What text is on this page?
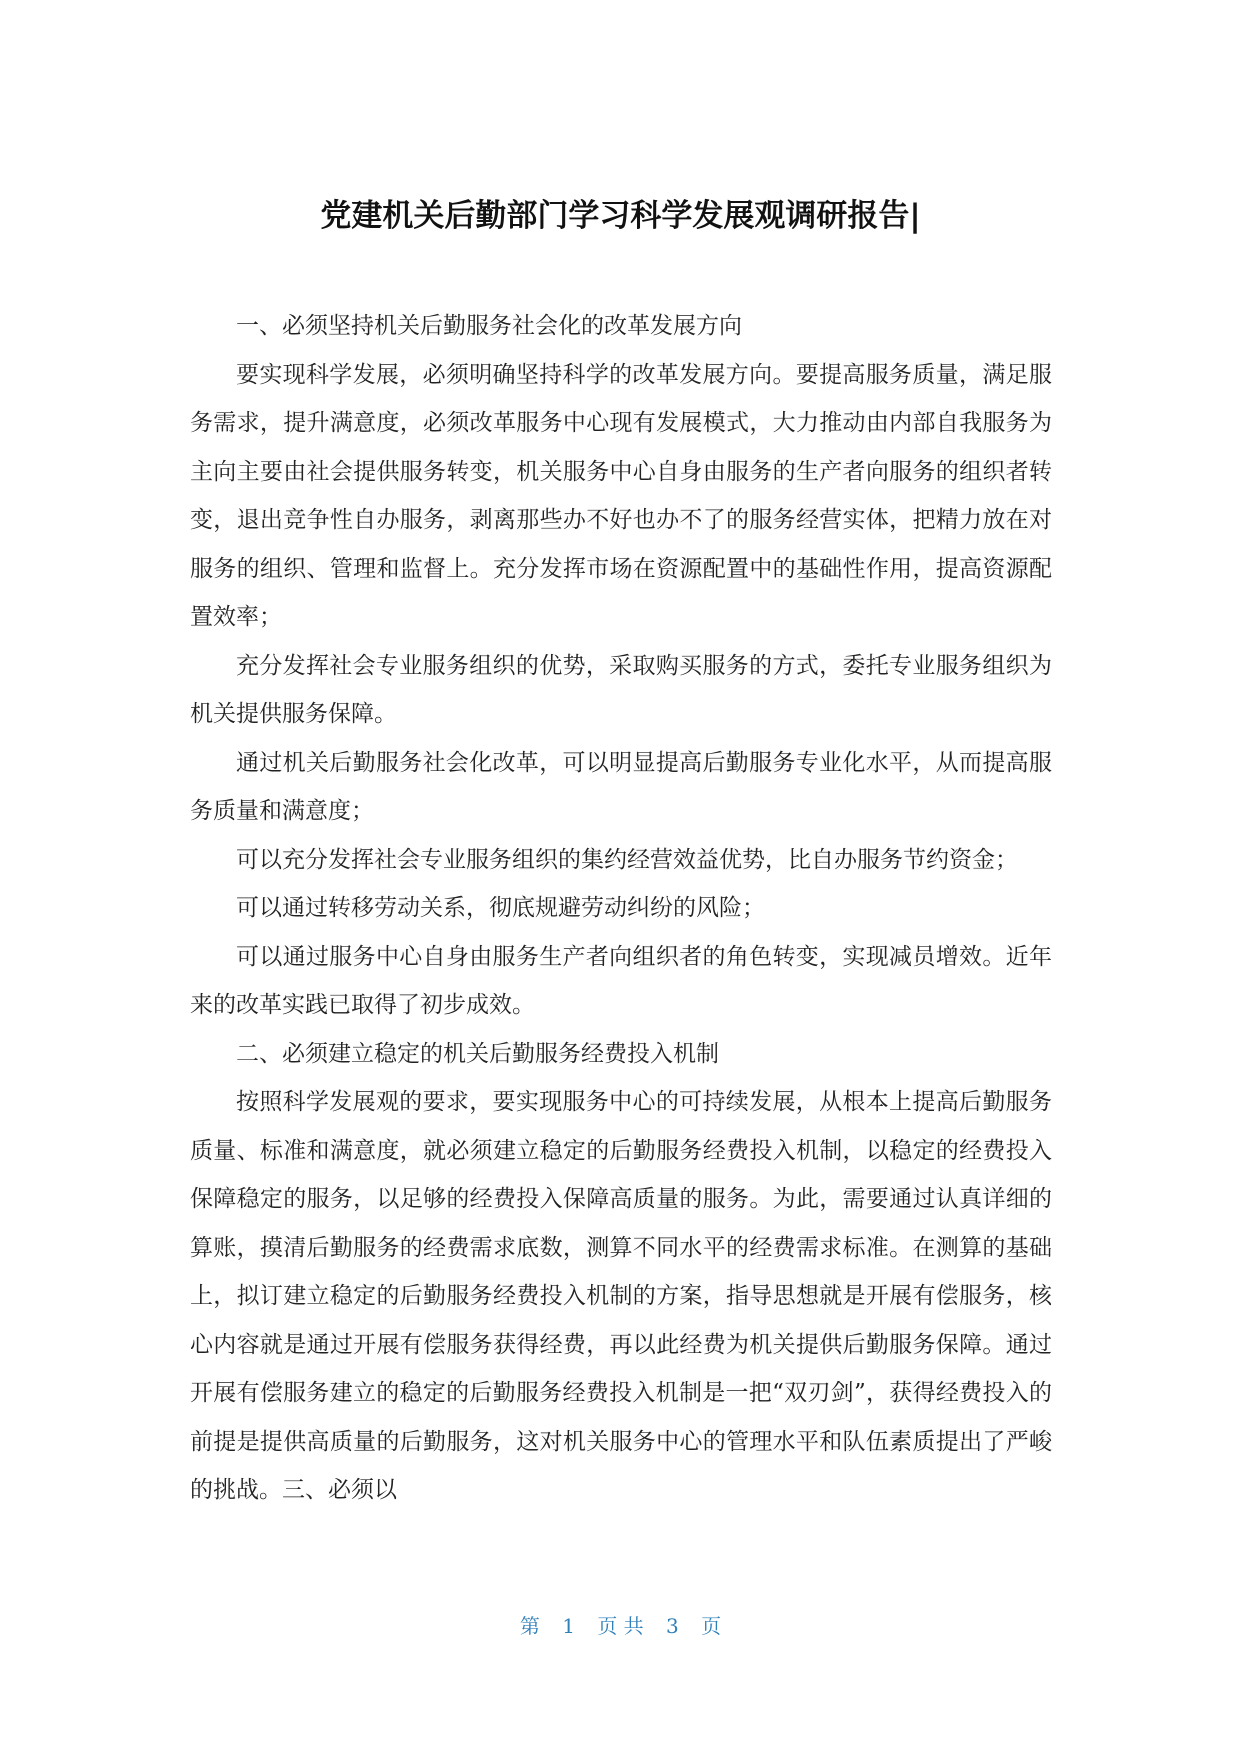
党建机关后勤部门学习科学发展观调研报告|

一、必须坚持机关后勤服务社会化的改革发展方向

要实现科学发展，必须明确坚持科学的改革发展方向。要提高服务质量，满足服务需求，提升满意度，必须改革服务中心现有发展模式，大力推动由内部自我服务为主向主要由社会提供服务转变，机关服务中心自身由服务的生产者向服务的组织者转变，退出竞争性自办服务，剥离那些办不好也办不了的服务经营实体，把精力放在对服务的组织、管理和监督上。充分发挥市场在资源配置中的基础性作用，提高资源配置效率；

充分发挥社会专业服务组织的优势，采取购买服务的方式，委托专业服务组织为机关提供服务保障。

通过机关后勤服务社会化改革，可以明显提高后勤服务专业化水平，从而提高服务质量和满意度；

可以充分发挥社会专业服务组织的集约经营效益优势，比自办服务节约资金；

可以通过转移劳动关系，彻底规避劳动纠纷的风险；

可以通过服务中心自身由服务生产者向组织者的角色转变，实现减员增效。近年来的改革实践已取得了初步成效。

二、必须建立稳定的机关后勤服务经费投入机制

按照科学发展观的要求，要实现服务中心的可持续发展，从根本上提高后勤服务质量、标准和满意度，就必须建立稳定的后勤服务经费投入机制，以稳定的经费投入保障稳定的服务，以足够的经费投入保障高质量的服务。为此，需要通过认真详细的算账，摸清后勤服务的经费需求底数，测算不同水平的经费需求标准。在测算的基础上，拟订建立稳定的后勤服务经费投入机制的方案，指导思想就是开展有偿服务，核心内容就是通过开展有偿服务获得经费，再以此经费为机关提供后勤服务保障。通过开展有偿服务建立的稳定的后勤服务经费投入机制是一把“双刃剑”，获得经费投入的前提是提供高质量的后勤服务，这对机关服务中心的管理水平和队伍素质提出了严峻的挑战。三、必须以

第 1 页 共 3 页
